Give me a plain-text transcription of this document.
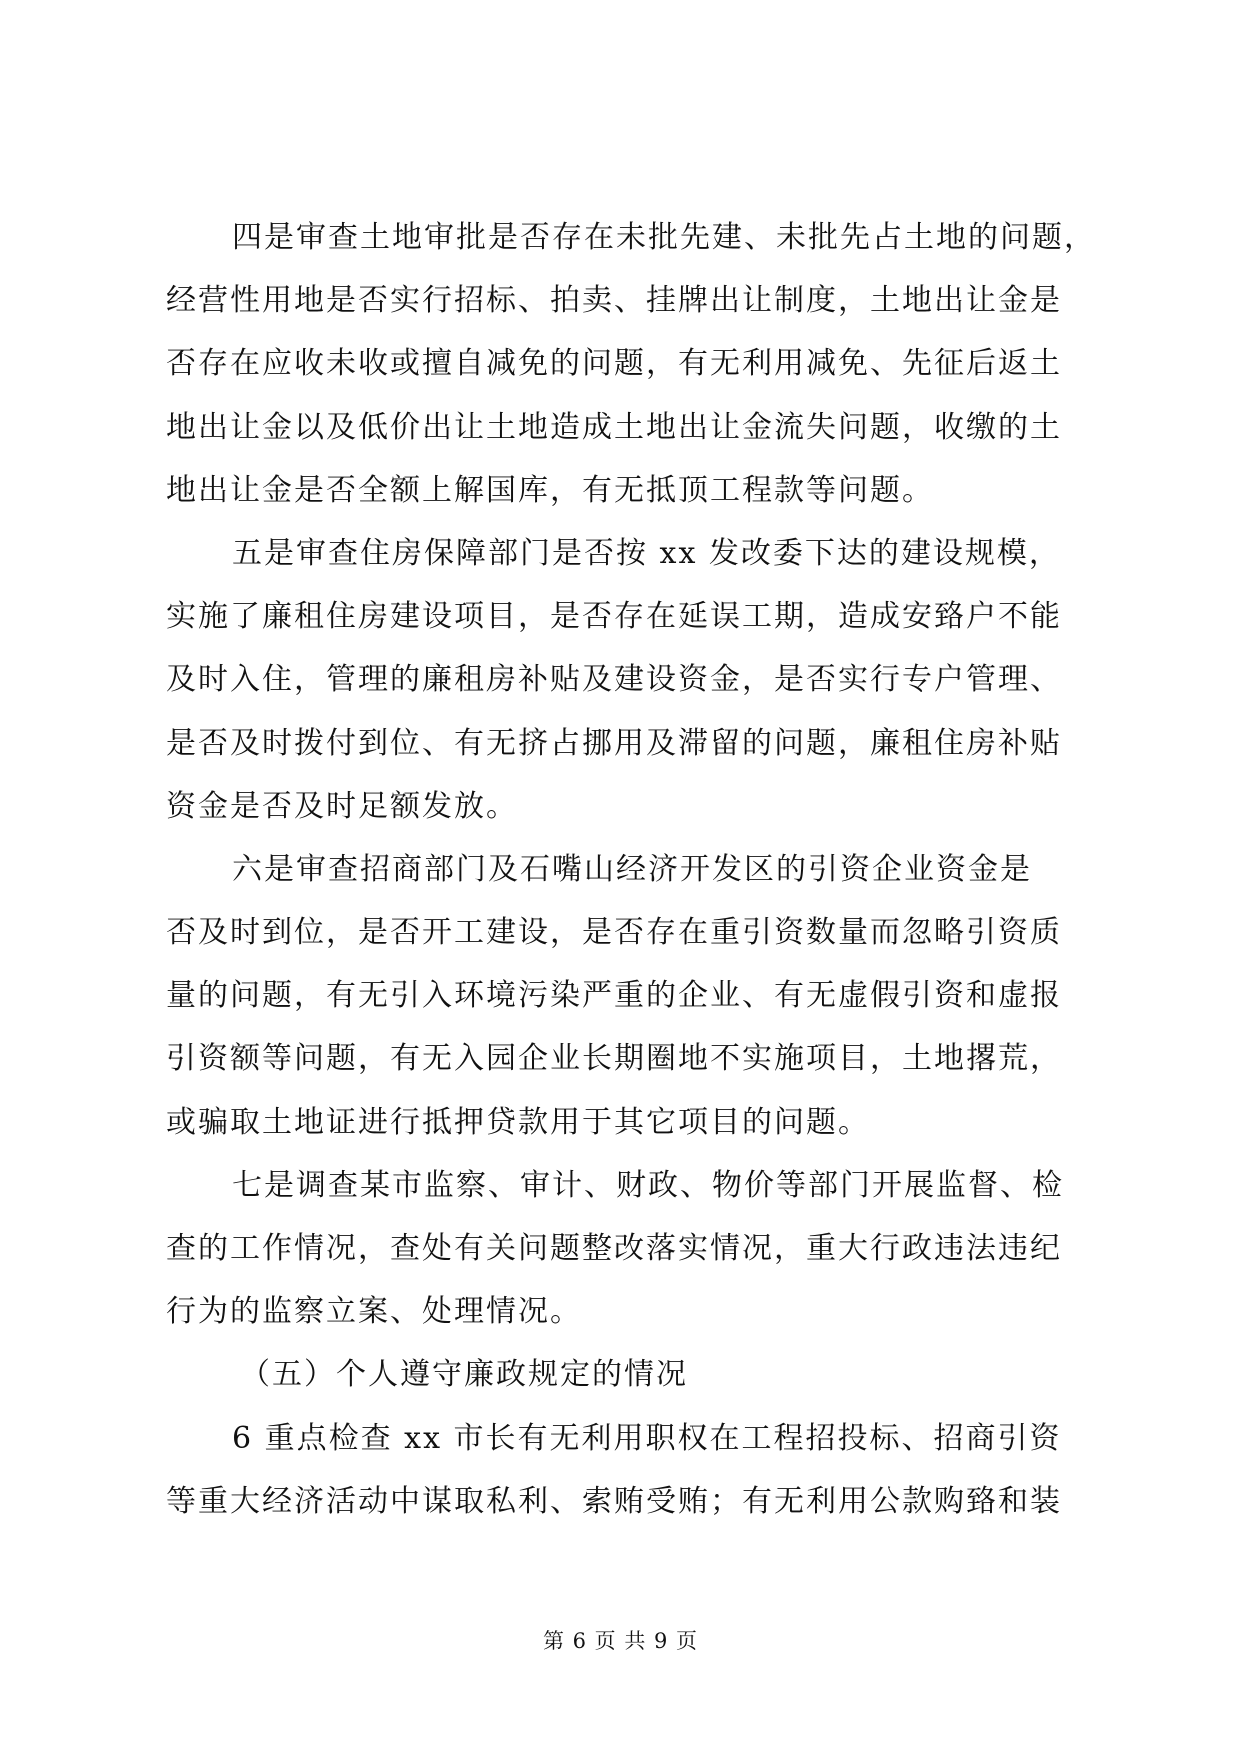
四是审查土地审批是否存在未批先建、未批先占土地的问题，
经营性用地是否实行招标、拍卖、挂牌出让制度，土地出让金是
否存在应收未收或擅自减免的问题，有无利用减免、先征后返土
地出让金以及低价出让土地造成土地出让金流失问题，收缴的土
地出让金是否全额上解国库，有无抵顶工程款等问题。
五是审查住房保障部门是否按 xx 发改委下达的建设规模，
实施了廉租住房建设项目，是否存在延误工期，造成安臵户不能
及时入住，管理的廉租房补贴及建设资金，是否实行专户管理、
是否及时拨付到位、有无挤占挪用及滞留的问题，廉租住房补贴
资金是否及时足额发放。
六是审查招商部门及石嘴山经济开发区的引资企业资金是
否及时到位，是否开工建设，是否存在重引资数量而忽略引资质
量的问题，有无引入环境污染严重的企业、有无虚假引资和虚报
引资额等问题，有无入园企业长期圈地不实施项目，土地撂荒，
或骗取土地证进行抵押贷款用于其它项目的问题。
七是调查某市监察、审计、财政、物价等部门开展监督、检
查的工作情况，查处有关问题整改落实情况，重大行政违法违纪
行为的监察立案、处理情况。
（五）个人遵守廉政规定的情况
6 重点检查 xx 市长有无利用职权在工程招投标、招商引资
等重大经济活动中谋取私利、索贿受贿；有无利用公款购臵和装
第 6 页 共 9 页
